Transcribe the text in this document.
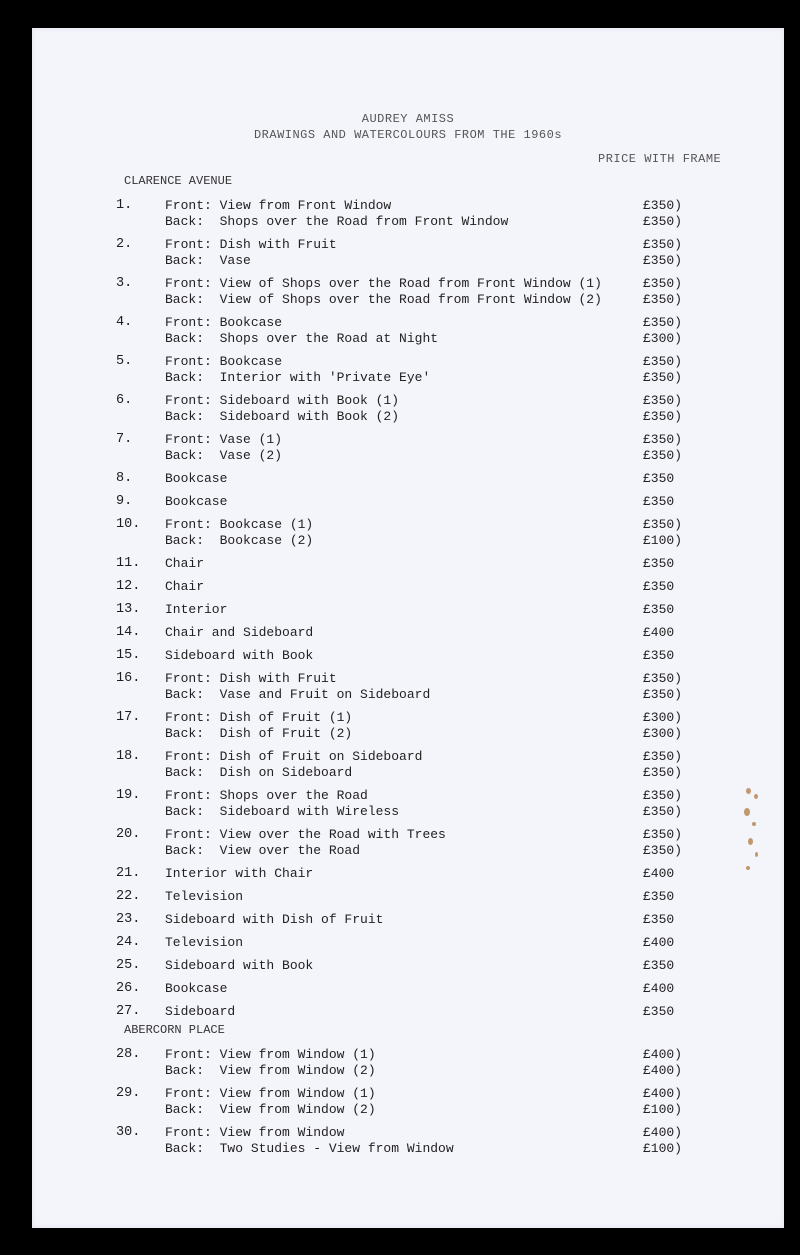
AUDREY AMISS
DRAWINGS AND WATERCOLOURS FROM THE 1960s
PRICE WITH FRAME
CLARENCE AVENUE
1.	Front: View from Front Window	£350)
Back:  Shops over the Road from Front Window	£350)
2.	Front: Dish with Fruit	£350)
Back:  Vase	£350)
3.	Front: View of Shops over the Road from Front Window (1)	£350)
Back:  View of Shops over the Road from Front Window (2)	£350)
4.	Front: Bookcase	£350)
Back:  Shops over the Road at Night	£300)
5.	Front: Bookcase	£350)
Back:  Interior with 'Private Eye'	£350)
6.	Front: Sideboard with Book (1)	£350)
Back:  Sideboard with Book (2)	£350)
7.	Front: Vase (1)	£350)
Back:  Vase (2)	£350)
8.	Bookcase	£350
9.	Bookcase	£350
10. Front: Bookcase (1)	£350)
Back:  Bookcase (2)	£100)
11. Chair	£350
12. Chair	£350
13. Interior	£350
14. Chair and Sideboard	£400
15. Sideboard with Book	£350
16. Front: Dish with Fruit	£350)
Back:  Vase and Fruit on Sideboard	£350)
17. Front: Dish of Fruit (1)	£300)
Back:  Dish of Fruit (2)	£300)
18. Front: Dish of Fruit on Sideboard	£350)
Back:  Dish on Sideboard	£350)
19. Front: Shops over the Road	£350)
Back:  Sideboard with Wireless	£350)
20. Front: View over the Road with Trees	£350)
Back:  View over the Road	£350)
21. Interior with Chair	£400
22. Television	£350
23. Sideboard with Dish of Fruit	£350
24. Television	£400
25. Sideboard with Book	£350
26. Bookcase	£400
27. Sideboard	£350
ABERCORN PLACE
28. Front: View from Window (1)	£400)
Back:  View from Window (2)	£400)
29. Front: View from Window (1)	£400)
Back:  View from Window (2)	£100)
30. Front: View from Window	£400)
Back:  Two Studies - View from Window	£100)
